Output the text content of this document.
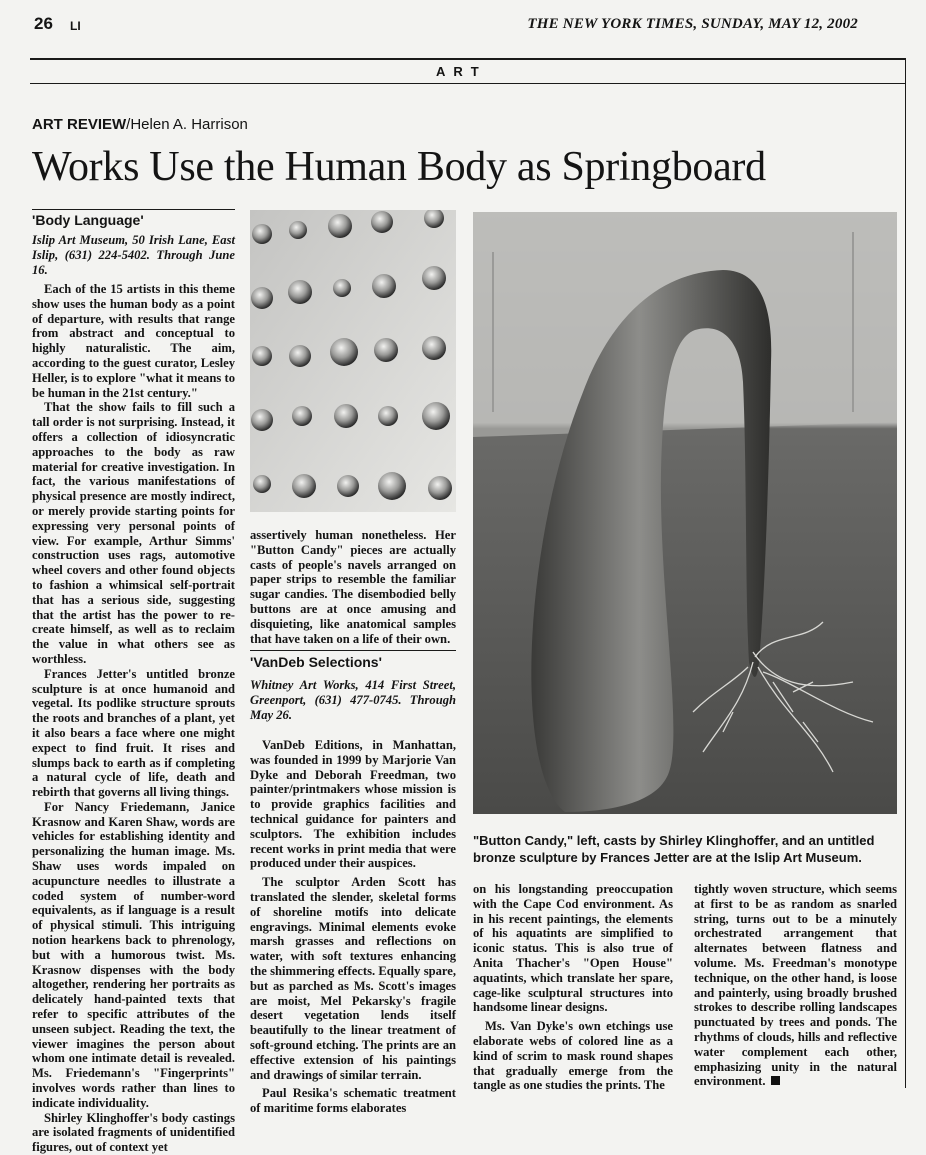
26 LI	THE NEW YORK TIMES, SUNDAY, MAY 12, 2002
ART
ART REVIEW/Helen A. Harrison
Works Use the Human Body as Springboard
'Body Language'
Islip Art Museum, 50 Irish Lane, East Islip, (631) 224-5402. Through June 16.

Each of the 15 artists in this theme show uses the human body as a point of departure, with results that range from abstract and conceptual to highly naturalistic. The aim, according to the guest curator, Lesley Heller, is to explore "what it means to be human in the 21st century."

That the show fails to fill such a tall order is not surprising. Instead, it offers a collection of idiosyncratic approaches to the body as raw material for creative investigation. In fact, the various manifestations of physical presence are mostly indirect, or merely provide starting points for expressing very personal points of view. For example, Arthur Simms' construction uses rags, automotive wheel covers and other found objects to fashion a whimsical self-portrait that has a serious side, suggesting that the artist has the power to re-create himself, as well as to reclaim the value in what others see as worthless.

Frances Jetter's untitled bronze sculpture is at once humanoid and vegetal. Its podlike structure sprouts the roots and branches of a plant, yet it also bears a face where one might expect to find fruit. It rises and slumps back to earth as if completing a natural cycle of life, death and rebirth that governs all living things.

For Nancy Friedemann, Janice Krasnow and Karen Shaw, words are vehicles for establishing identity and personalizing the human image. Ms. Shaw uses words impaled on acupuncture needles to illustrate a coded system of number-word equivalents, as if language is a result of physical stimuli. This intriguing notion hearkens back to phrenology, but with a humorous twist. Ms. Krasnow dispenses with the body altogether, rendering her portraits as delicately hand-painted texts that refer to specific attributes of the unseen subject. Reading the text, the viewer imagines the person about whom one intimate detail is revealed. Ms. Friedemann's "Fingerprints" involves words rather than lines to indicate individuality.

Shirley Klinghoffer's body castings are isolated fragments of unidentified figures, out of context yet

assertively human nonetheless. Her "Button Candy" pieces are actually casts of people's navels arranged on paper strips to resemble the familiar sugar candies. The disembodied belly buttons are at once amusing and disquieting, like anatomical samples that have taken on a life of their own.

'VanDeb Selections'
Whitney Art Works, 414 First Street, Greenport, (631) 477-0745. Through May 26.

VanDeb Editions, in Manhattan, was founded in 1999 by Marjorie Van Dyke and Deborah Freedman, two painter/printmakers whose mission is to provide graphics facilities and technical guidance for painters and sculptors. The exhibition includes recent works in print media that were produced under their auspices.

The sculptor Arden Scott has translated the slender, skeletal forms of shoreline motifs into delicate engravings. Minimal elements evoke marsh grasses and reflections on water, with soft textures enhancing the shimmering effects. Equally spare, but as parched as Ms. Scott's images are moist, Mel Pekarsky's fragile desert vegetation lends itself beautifully to the linear treatment of soft-ground etching. The prints are an effective extension of his paintings and drawings of similar terrain.

Paul Resika's schematic treatment of maritime forms elaborates

"Button Candy," left, casts by Shirley Klinghoffer, and an untitled bronze sculpture by Frances Jetter are at the Islip Art Museum.

on his longstanding preoccupation with the Cape Cod environment. As in his recent paintings, the elements of his aquatints are simplified to iconic status. This is also true of Anita Thacher's "Open House" aquatints, which translate her spare, cage-like sculptural structures into handsome linear designs.

Ms. Van Dyke's own etchings use elaborate webs of colored line as a kind of scrim to mask round shapes that gradually emerge from the tangle as one studies the prints. The

tightly woven structure, which seems at first to be as random as snarled string, turns out to be a minutely orchestrated arrangement that alternates between flatness and volume. Ms. Freedman's monotype technique, on the other hand, is loose and painterly, using broadly brushed strokes to describe rolling landscapes punctuated by trees and ponds. The rhythms of clouds, hills and reflective water complement each other, emphasizing unity in the natural environment.
